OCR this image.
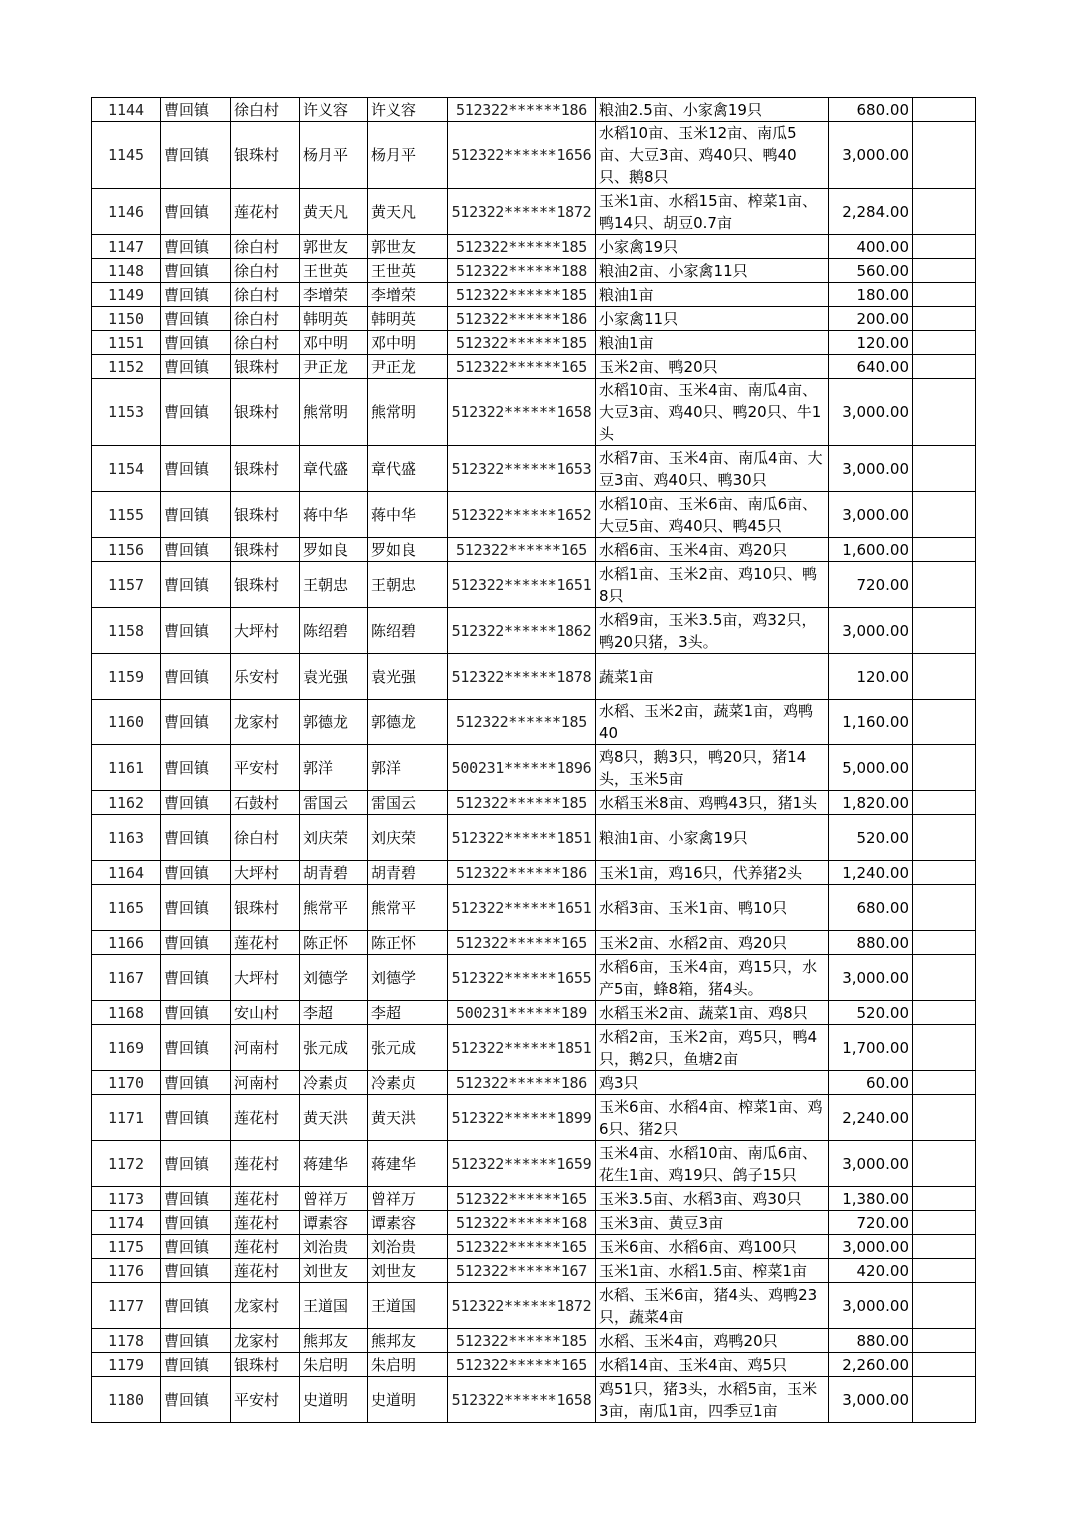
1144	曹回镇	徐白村	许义容	许义容	512322******186	粮油2.5亩、小家禽19只	680.00	
1145	曹回镇	银珠村	杨月平	杨月平	512322******1656	水稻10亩、玉米12亩、南瓜5亩、大豆3亩、鸡40只、鸭40只、鹅8只	3,000.00	
1146	曹回镇	莲花村	黄天凡	黄天凡	512322******1872	玉米1亩、水稻15亩、榨菜1亩、鸭14只、胡豆0.7亩	2,284.00	
1147	曹回镇	徐白村	郭世友	郭世友	512322******185	小家禽19只	400.00	
1148	曹回镇	徐白村	王世英	王世英	512322******188	粮油2亩、小家禽11只	560.00	
1149	曹回镇	徐白村	李增荣	李增荣	512322******185	粮油1亩	180.00	
1150	曹回镇	徐白村	韩明英	韩明英	512322******186	小家禽11只	200.00	
1151	曹回镇	徐白村	邓中明	邓中明	512322******185	粮油1亩	120.00	
1152	曹回镇	银珠村	尹正龙	尹正龙	512322******165	玉米2亩、鸭20只	640.00	
1153	曹回镇	银珠村	熊常明	熊常明	512322******1658	水稻10亩、玉米4亩、南瓜4亩、大豆3亩、鸡40只、鸭20只、牛1头	3,000.00	
1154	曹回镇	银珠村	章代盛	章代盛	512322******1653	水稻7亩、玉米4亩、南瓜4亩、大豆3亩、鸡40只、鸭30只	3,000.00	
1155	曹回镇	银珠村	蒋中华	蒋中华	512322******1652	水稻10亩、玉米6亩、南瓜6亩、大豆5亩、鸡40只、鸭45只	3,000.00	
1156	曹回镇	银珠村	罗如良	罗如良	512322******165	水稻6亩、玉米4亩、鸡20只	1,600.00	
1157	曹回镇	银珠村	王朝忠	王朝忠	512322******1651	水稻1亩、玉米2亩、鸡10只、鸭8只	720.00	
1158	曹回镇	大坪村	陈绍碧	陈绍碧	512322******1862	水稻9亩，玉米3.5亩，鸡32只，鸭20只猪，3头。	3,000.00	
1159	曹回镇	乐安村	袁光强	袁光强	512322******1878	蔬菜1亩	120.00	
1160	曹回镇	龙家村	郭德龙	郭德龙	512322******185	水稻、玉米2亩，蔬菜1亩，鸡鸭40	1,160.00	
1161	曹回镇	平安村	郭洋	郭洋	500231******1896	鸡8只，鹅3只，鸭20只，猪14头，玉米5亩	5,000.00	
1162	曹回镇	石鼓村	雷国云	雷国云	512322******185	水稻玉米8亩、鸡鸭43只，猪1头	1,820.00	
1163	曹回镇	徐白村	刘庆荣	刘庆荣	512322******1851	粮油1亩、小家禽19只	520.00	
1164	曹回镇	大坪村	胡青碧	胡青碧	512322******186	玉米1亩，鸡16只，代养猪2头	1,240.00	
1165	曹回镇	银珠村	熊常平	熊常平	512322******1651	水稻3亩、玉米1亩、鸭10只	680.00	
1166	曹回镇	莲花村	陈正怀	陈正怀	512322******165	玉米2亩、水稻2亩、鸡20只	880.00	
1167	曹回镇	大坪村	刘德学	刘德学	512322******1655	水稻6亩，玉米4亩，鸡15只，水产5亩，蜂8箱，猪4头。	3,000.00	
1168	曹回镇	安山村	李超	李超	500231******189	水稻玉米2亩、蔬菜1亩、鸡8只	520.00	
1169	曹回镇	河南村	张元成	张元成	512322******1851	水稻2亩，玉米2亩，鸡5只，鸭4只，鹅2只，鱼塘2亩	1,700.00	
1170	曹回镇	河南村	冷素贞	冷素贞	512322******186	鸡3只	60.00	
1171	曹回镇	莲花村	黄天洪	黄天洪	512322******1899	玉米6亩、水稻4亩、榨菜1亩、鸡6只、猪2只	2,240.00	
1172	曹回镇	莲花村	蒋建华	蒋建华	512322******1659	玉米4亩、水稻10亩、南瓜6亩、花生1亩、鸡19只、鸽子15只	3,000.00	
1173	曹回镇	莲花村	曾祥万	曾祥万	512322******165	玉米3.5亩、水稻3亩、鸡30只	1,380.00	
1174	曹回镇	莲花村	谭素容	谭素容	512322******168	玉米3亩、黄豆3亩	720.00	
1175	曹回镇	莲花村	刘治贵	刘治贵	512322******165	玉米6亩、水稻6亩、鸡100只	3,000.00	
1176	曹回镇	莲花村	刘世友	刘世友	512322******167	玉米1亩、水稻1.5亩、榨菜1亩	420.00	
1177	曹回镇	龙家村	王道国	王道国	512322******1872	水稻、玉米6亩，猪4头、鸡鸭23只，蔬菜4亩	3,000.00	
1178	曹回镇	龙家村	熊邦友	熊邦友	512322******185	水稻、玉米4亩，鸡鸭20只	880.00	
1179	曹回镇	银珠村	朱启明	朱启明	512322******165	水稻14亩、玉米4亩、鸡5只	2,260.00	
1180	曹回镇	平安村	史道明	史道明	512322******1658	鸡51只，猪3头，水稻5亩，玉米3亩，南瓜1亩，四季豆1亩	3,000.00	
